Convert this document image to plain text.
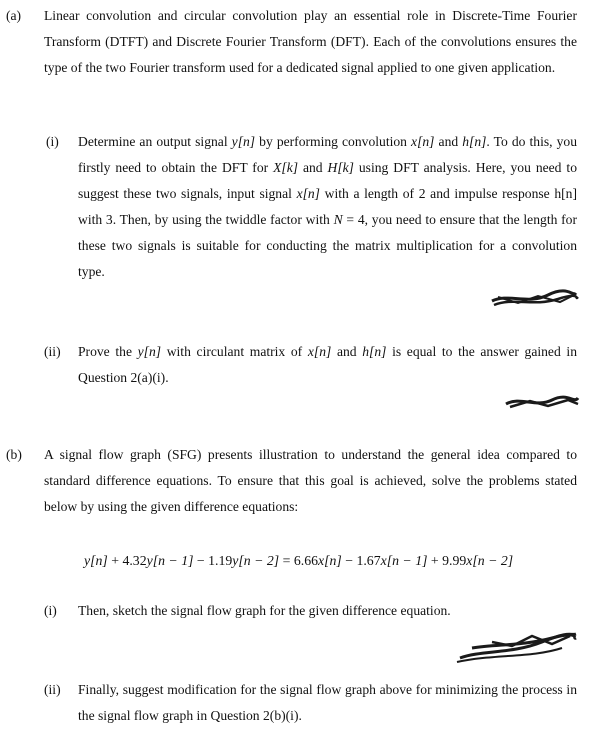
(a) Linear convolution and circular convolution play an essential role in Discrete-Time Fourier Transform (DTFT) and Discrete Fourier Transform (DFT). Each of the convolutions ensures the type of the two Fourier transform used for a dedicated signal applied to one given application.
(i) Determine an output signal y[n] by performing convolution x[n] and h[n]. To do this, you firstly need to obtain the DFT for X[k] and H[k] using DFT analysis. Here, you need to suggest these two signals, input signal x[n] with a length of 2 and impulse response h[n] with 3. Then, by using the twiddle factor with N = 4, you need to ensure that the length for these two signals is suitable for conducting the matrix multiplication for a convolution type.
(ii) Prove the y[n] with circulant matrix of x[n] and h[n] is equal to the answer gained in Question 2(a)(i).
(b) A signal flow graph (SFG) presents illustration to understand the general idea compared to standard difference equations. To ensure that this goal is achieved, solve the problems stated below by using the given difference equations:
y[n] + 4.32y[n − 1] − 1.19y[n − 2] = 6.66x[n] − 1.67x[n − 1] + 9.99x[n − 2]
(i) Then, sketch the signal flow graph for the given difference equation.
(ii) Finally, suggest modification for the signal flow graph above for minimizing the process in the signal flow graph in Question 2(b)(i).
